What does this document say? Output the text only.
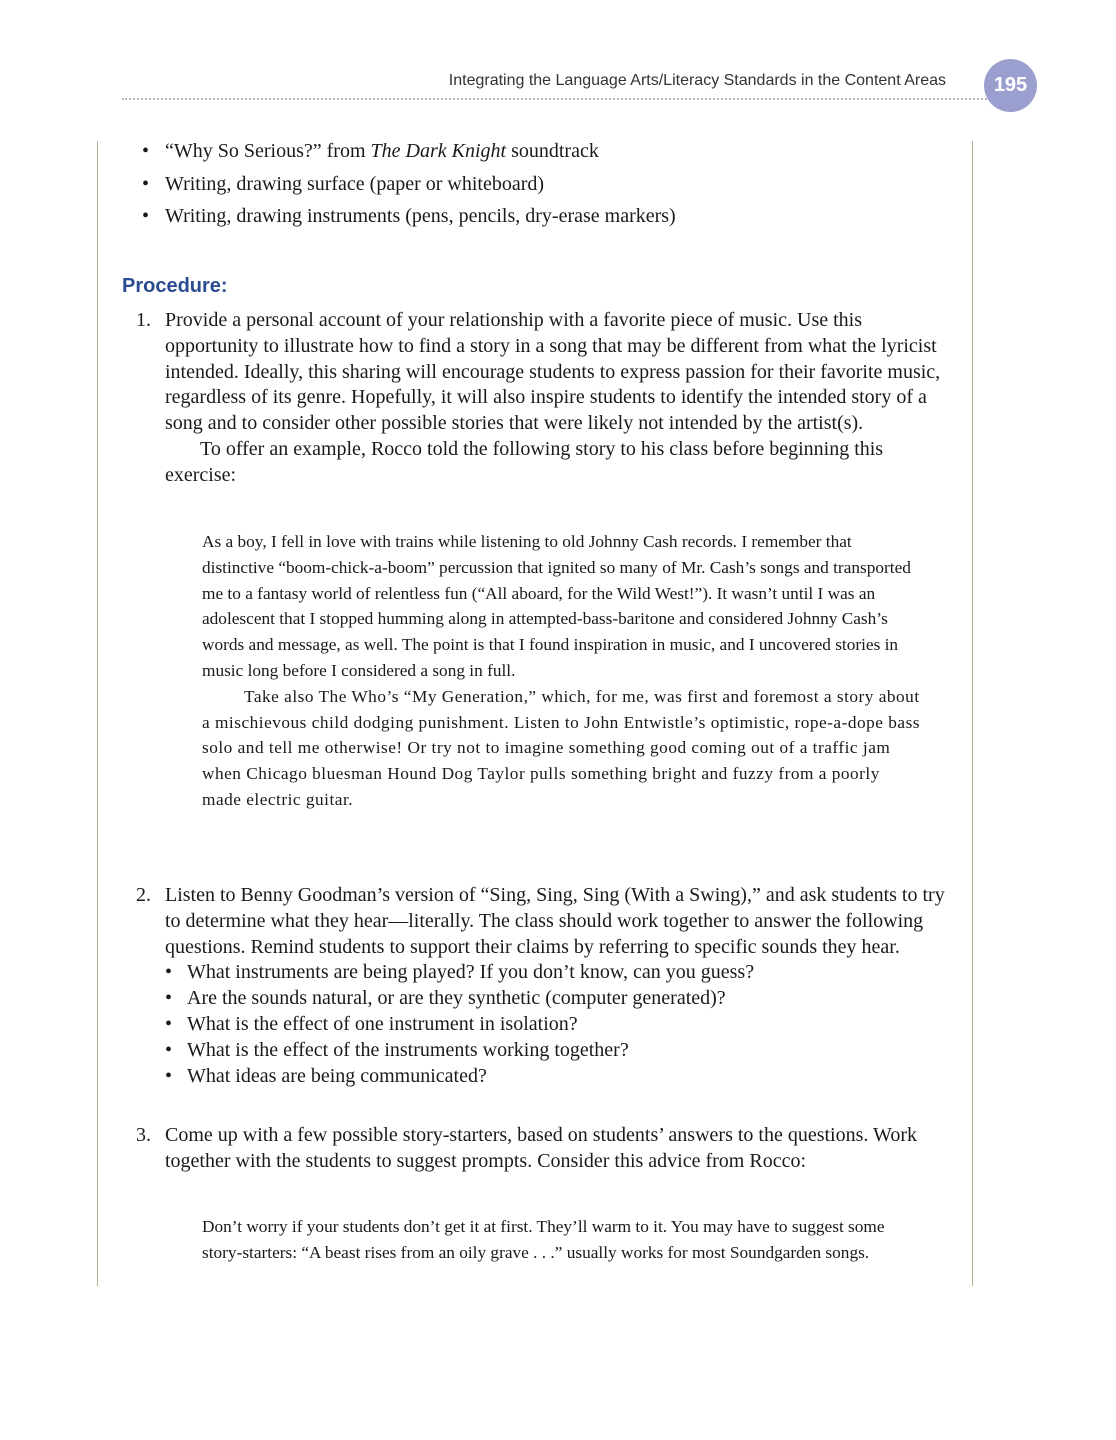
Integrating the Language Arts/Literacy Standards in the Content Areas	195
• “Why So Serious?” from The Dark Knight soundtrack
• Writing, drawing surface (paper or whiteboard)
• Writing, drawing instruments (pens, pencils, dry-erase markers)
Procedure:
1. Provide a personal account of your relationship with a favorite piece of music. Use this opportunity to illustrate how to find a story in a song that may be different from what the lyricist intended. Ideally, this sharing will encourage students to express passion for their favorite music, regardless of its genre. Hopefully, it will also inspire students to identify the intended story of a song and to consider other possible stories that were likely not intended by the artist(s).

To offer an example, Rocco told the following story to his class before beginning this exercise:

As a boy, I fell in love with trains while listening to old Johnny Cash records. I remember that distinctive “boom-chick-a-boom” percussion that ignited so many of Mr. Cash’s songs and transported me to a fantasy world of relentless fun (“All aboard, for the Wild West!”). It wasn’t until I was an adolescent that I stopped humming along in attempted-bass-baritone and considered Johnny Cash’s words and message, as well. The point is that I found inspiration in music, and I uncovered stories in music long before I considered a song in full.

Take also The Who’s “My Generation,” which, for me, was first and foremost a story about a mischievous child dodging punishment. Listen to John Entwistle’s optimistic, rope-a-dope bass solo and tell me otherwise! Or try not to imagine something good coming out of a traffic jam when Chicago bluesman Hound Dog Taylor pulls something bright and fuzzy from a poorly made electric guitar.

2. Listen to Benny Goodman’s version of “Sing, Sing, Sing (With a Swing),” and ask students to try to determine what they hear—literally. The class should work together to answer the following questions. Remind students to support their claims by referring to specific sounds they hear.

• What instruments are being played? If you don’t know, can you guess?
• Are the sounds natural, or are they synthetic (computer generated)?
• What is the effect of one instrument in isolation?
• What is the effect of the instruments working together?
• What ideas are being communicated?
3. Come up with a few possible story-starters, based on students’ answers to the questions. Work together with the students to suggest prompts. Consider this advice from Rocco:

Don’t worry if your students don’t get it at first. They’ll warm to it. You may have to suggest some story-starters: “A beast rises from an oily grave . . .” usually works for most Soundgarden songs.
